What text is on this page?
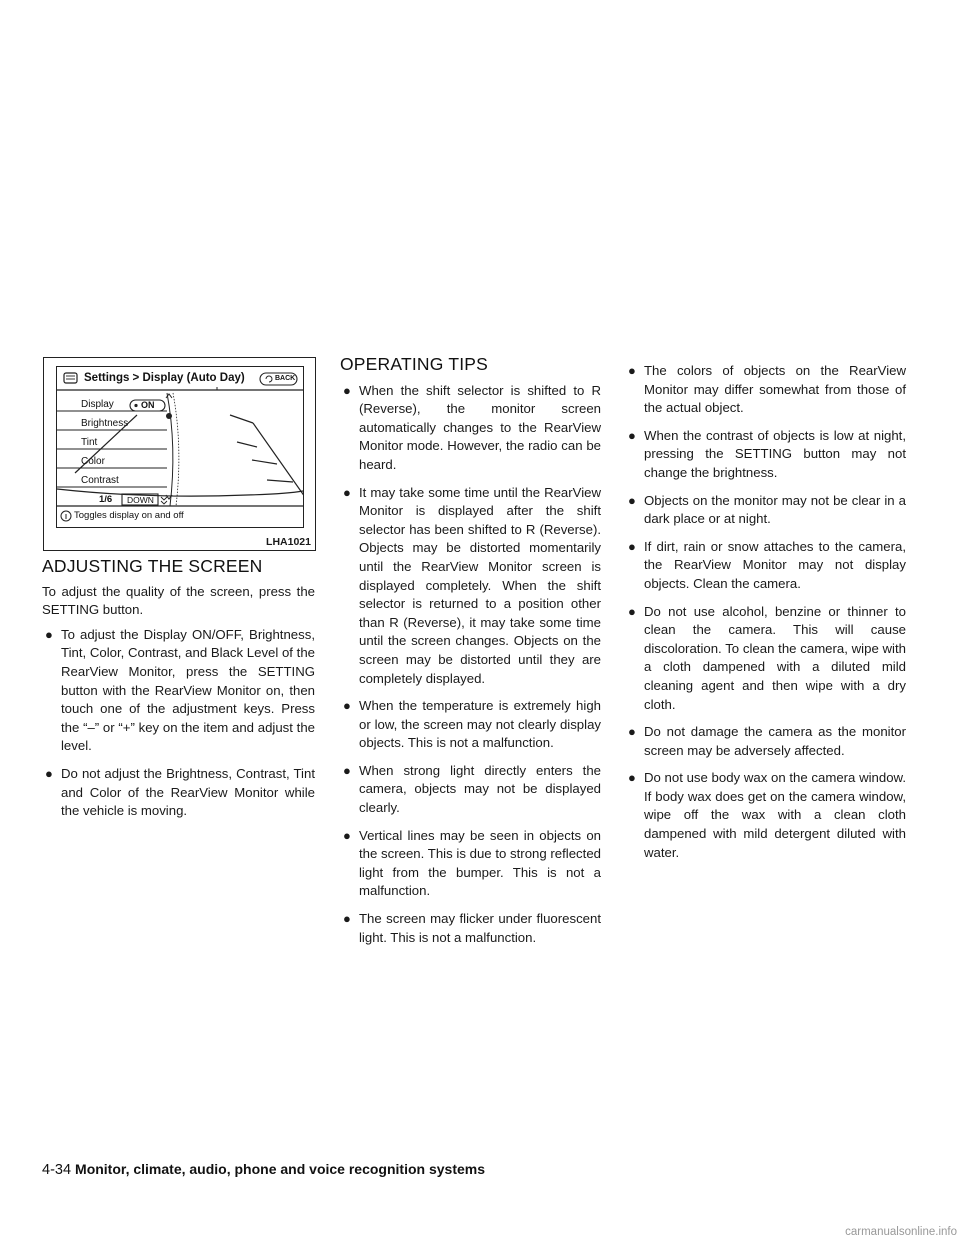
Settings > Display (Auto Day)	BACK
Display
Brightness
Tint
Color
Contrast
ON
1/6 DOWN
Toggles display on and off
LHA1021
ADJUSTING THE SCREEN

To adjust the quality of the screen, press the SETTING button.

● To adjust the Display ON/OFF, Brightness, Tint, Color, Contrast, and Black Level of the RearView Monitor, press the SETTING button with the RearView Monitor on, then touch one of the adjustment keys. Press the “–” or “+” key on the item and adjust the level.
● Do not adjust the Brightness, Contrast, Tint and Color of the RearView Monitor while the vehicle is moving.
OPERATING TIPS
● When the shift selector is shifted to R (Reverse), the monitor screen automatically changes to the RearView Monitor mode. However, the radio can be heard.
● It may take some time until the RearView Monitor is displayed after the shift selector has been shifted to R (Reverse). Objects may be distorted momentarily until the RearView Monitor screen is displayed completely. When the shift selector is returned to a position other than R (Reverse), it may take some time until the screen changes. Objects on the screen may be distorted until they are completely displayed.
● When the temperature is extremely high or low, the screen may not clearly display objects. This is not a malfunction.
● When strong light directly enters the camera, objects may not be displayed clearly.
● Vertical lines may be seen in objects on the screen. This is due to strong reflected light from the bumper. This is not a malfunction.
● The screen may flicker under fluorescent light. This is not a malfunction.
● The colors of objects on the RearView Monitor may differ somewhat from those of the actual object.
● When the contrast of objects is low at night, pressing the SETTING button may not change the brightness.
● Objects on the monitor may not be clear in a dark place or at night.
● If dirt, rain or snow attaches to the camera, the RearView Monitor may not display objects. Clean the camera.
● Do not use alcohol, benzine or thinner to clean the camera. This will cause discoloration. To clean the camera, wipe with a cloth dampened with a diluted mild cleaning agent and then wipe with a dry cloth.
● Do not damage the camera as the monitor screen may be adversely affected.
● Do not use body wax on the camera window. If body wax does get on the camera window, wipe off the wax with a clean cloth dampened with mild detergent diluted with water.
4-34 Monitor, climate, audio, phone and voice recognition systems
carmanualsonline.info
